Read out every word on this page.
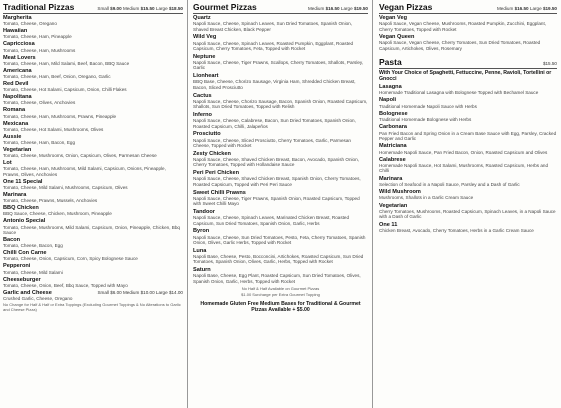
Traditional Pizzas	Small $9.00 Medium $15.50 Large $18.50
Margherita
Tomato, Cheese, Oregano
Hawaiian
Tomato, Cheese, Ham, Pineapple
Capricciosa
Tomato, Cheese, Ham, Mushrooms
Meat Lovers
Tomato, Cheese, Ham, Mild Salami, Beef, Bacon, BBQ Sauce
Americana
Tomato, Cheese, Ham, Beef, Onion, Oregano, Garlic
Red Devil
Tomato, Cheese, Hot Salami, Capsicum, Onion, Chilli Flakes
Napolitana
Tomato, Cheese, Olives, Anchovies
Romana
Tomato, Cheese, Ham, Mushrooms, Prawns, Pineapple
Mexicana
Tomato, Cheese, Hot Salami, Mushrooms, Olives
Aussie
Tomato, Cheese, Ham, Bacon, Egg
Vegetarian
Tomato, Cheese, Mushrooms, Onion, Capsicum, Olives, Parmesan Cheese
Lot
Tomato, Cheese, Ham, Mushrooms, Mild Salami, Capsicum, Onions, Pineapple, Prawns, Olives, Anchovies
One 11 Special
Tomato, Cheese, Mild Salami, Mushrooms, Capsicum, Olives
Marinara
Tomato, Cheese, Prawns, Mussels, Anchovies
BBQ Chicken
BBQ Sauce, Cheese, Chicken, Mushroom, Pineapple
Antonio Special
Tomato, Cheese, Mushrooms, Mild Salami, Capsicum, Onion, Pineapple, Chicken, Bbq Sauce
Bacon
Tomato, Cheese, Bacon, Egg
Chilli Con Carne
Tomato, Cheese, Onion, Capsicum, Corn, Spicy Bolognese Sauce
Pepperoni
Tomato, Cheese, Mild Salami
Cheeseburger
Tomato, Cheese, Onion, Beef, Bbq Sauce, Topped with Mayo
Garlic and Cheese	Small $6.00 Medium $10.00 Large $14.00
Crushed Garlic, Cheese, Oregano
No Change for Half & Half or Extra Toppings (Excluding Gourmet Toppings & No Alterations to Garlic and Cheese Pizza)
Gourmet Pizzas	Medium $16.50 Large $19.50
Quartz
Napoli Sauce, Cheese, Spinach Leaves, Sun Dried Tomatoes, Spanish Onion, Shaved Breast Chicken, Black Pepper
Wild Veg
Napoli Sauce, Cheese, Spinach Leaves, Roasted Pumpkin, Eggplant, Roasted Capsicum, Cherry Tomatoes, Feta, Topped with Rocket
Neptune
Napoli Sauce, Cheese, Tiger Prawns, Scallops, Cherry Tomatoes, Shallots, Parsley, Garlic
Lionheart
BBQ Base, Cheese, Chorizo Sausage, Virginia Ham, Shredded Chicken Breast, Bacon, Sliced Prosciutto
Cactus
Napoli Sauce, Cheese, Chorizo Sausage, Bacon, Spanish Onion, Roasted Capsicum, Shallots, Sun Dried Tomatoes, Topped with Relish
Inferno
Napoli Sauce, Cheese, Calabrese, Bacon, Sun Dried Tomatoes, Spanish Onion, Roasted Capsicum, Chilli, Jalapeños
Prosciutto
Napoli Sauce, Cheese, Sliced Prosciutto, Cherry Tomatoes, Garlic, Parmesan Cheese, Topped with Rocket
Zesty Chicken
Napoli Sauce, Cheese, Shaved Chicken Breast, Bacon, Avocado, Spanish Onion, Cherry Tomatoes, Topped with Hollandaise Sauce
Peri Peri Chicken
Napoli Sauce, Cheese, Shaved Chicken Breast, Spanish Onion, Cherry Tomatoes, Roasted Capsicum, Topped with Peri Peri Sauce
Sweet Chilli Prawns
Napoli Sauce, Cheese, Tiger Prawns, Spanish Onion, Roasted Capsicum, Topped with Sweet Chilli Mayo
Tandoor
Napoli Sauce, Cheese, Spinach Leaves, Marinated Chicken Breast, Roasted Capsicum, Sun Dried Tomatoes, Spanish Onion, Garlic, Herbs
Byron
Napoli Sauce, Cheese, Sun Dried Tomatoes, Pesto, Feta, Cherry Tomatoes, Spanish Onion, Olives, Garlic Herbs, Topped with Rocket
Luna
Napoli Base, Cheese, Pesto, Bocconcini, Artichokes, Roasted Capsicum, Sun Dried Tomatoes, Spanish Onion, Olives, Garlic, Herbs, Topped with Rocket
Saturn
Napoli Base, Cheese, Egg Plant, Roasted Capsicum, Sun Dried Tomatoes, Olives, Spanish Onion, Garlic, Herbs, Topped with Rocket
No Half & Half Available on Gourmet Pizzas
$1.00 Surcharge per Extra Gourmet Topping
Homemade Gluten Free Medium Bases for Traditional & Gourmet Pizzas Available + $5.00
Vegan Pizzas	Medium $16.50 Large $19.50
Vegan Veg
Napoli Sauce, Vegan Cheese, Mushrooms, Roasted Pumpkin, Zucchini, Eggplant, Cherry Tomatoes, Topped with Rocket
Vegan Queen
Napoli Sauce, Vegan Cheese, Cherry Tomatoes, Sun Dried Tomatoes, Roasted Capsicum, Artichokes, Olives, Rosemary
Pasta	$15.50
With Your Choice of Spaghetti, Fettuccine, Penne, Ravioli, Tortellini or Gnocci
Lasagna
Homemade Traditional Lasagna with Bolognese Topped with Bechamel Sauce
Napoli
Traditional Homemade Napoli Sauce with Herbs
Bolognese
Traditional Homemade Bolognese with Herbs
Carbonara
Pan Fried Bacon and Spring Onion in a Cream Base Sauce with Egg, Parsley, Cracked Pepper and Garlic
Matriciana
Homemade Napoli Sauce, Pan Fried Bacon, Onion, Roasted Capsicum and Olives
Calabrese
Homemade Napoli Sauce, Hot Salami, Mushrooms, Roasted Capsicum, Herbs and Chilli
Marinara
Selection of Seafood in a Napoli Sauce, Parsley and a Dash of Garlic
Wild Mushroom
Mushrooms, Shallots in a Garlic Cream Sauce
Vegetarian
Cherry Tomatoes, Mushrooms, Roasted Capsicum, Spinach Leaves, in a Napoli Sauce with a Dash of Garlic
One 11
Chicken Breast, Avocado, Cherry Tomatoes, Herbs in a Garlic Cream Sauce
